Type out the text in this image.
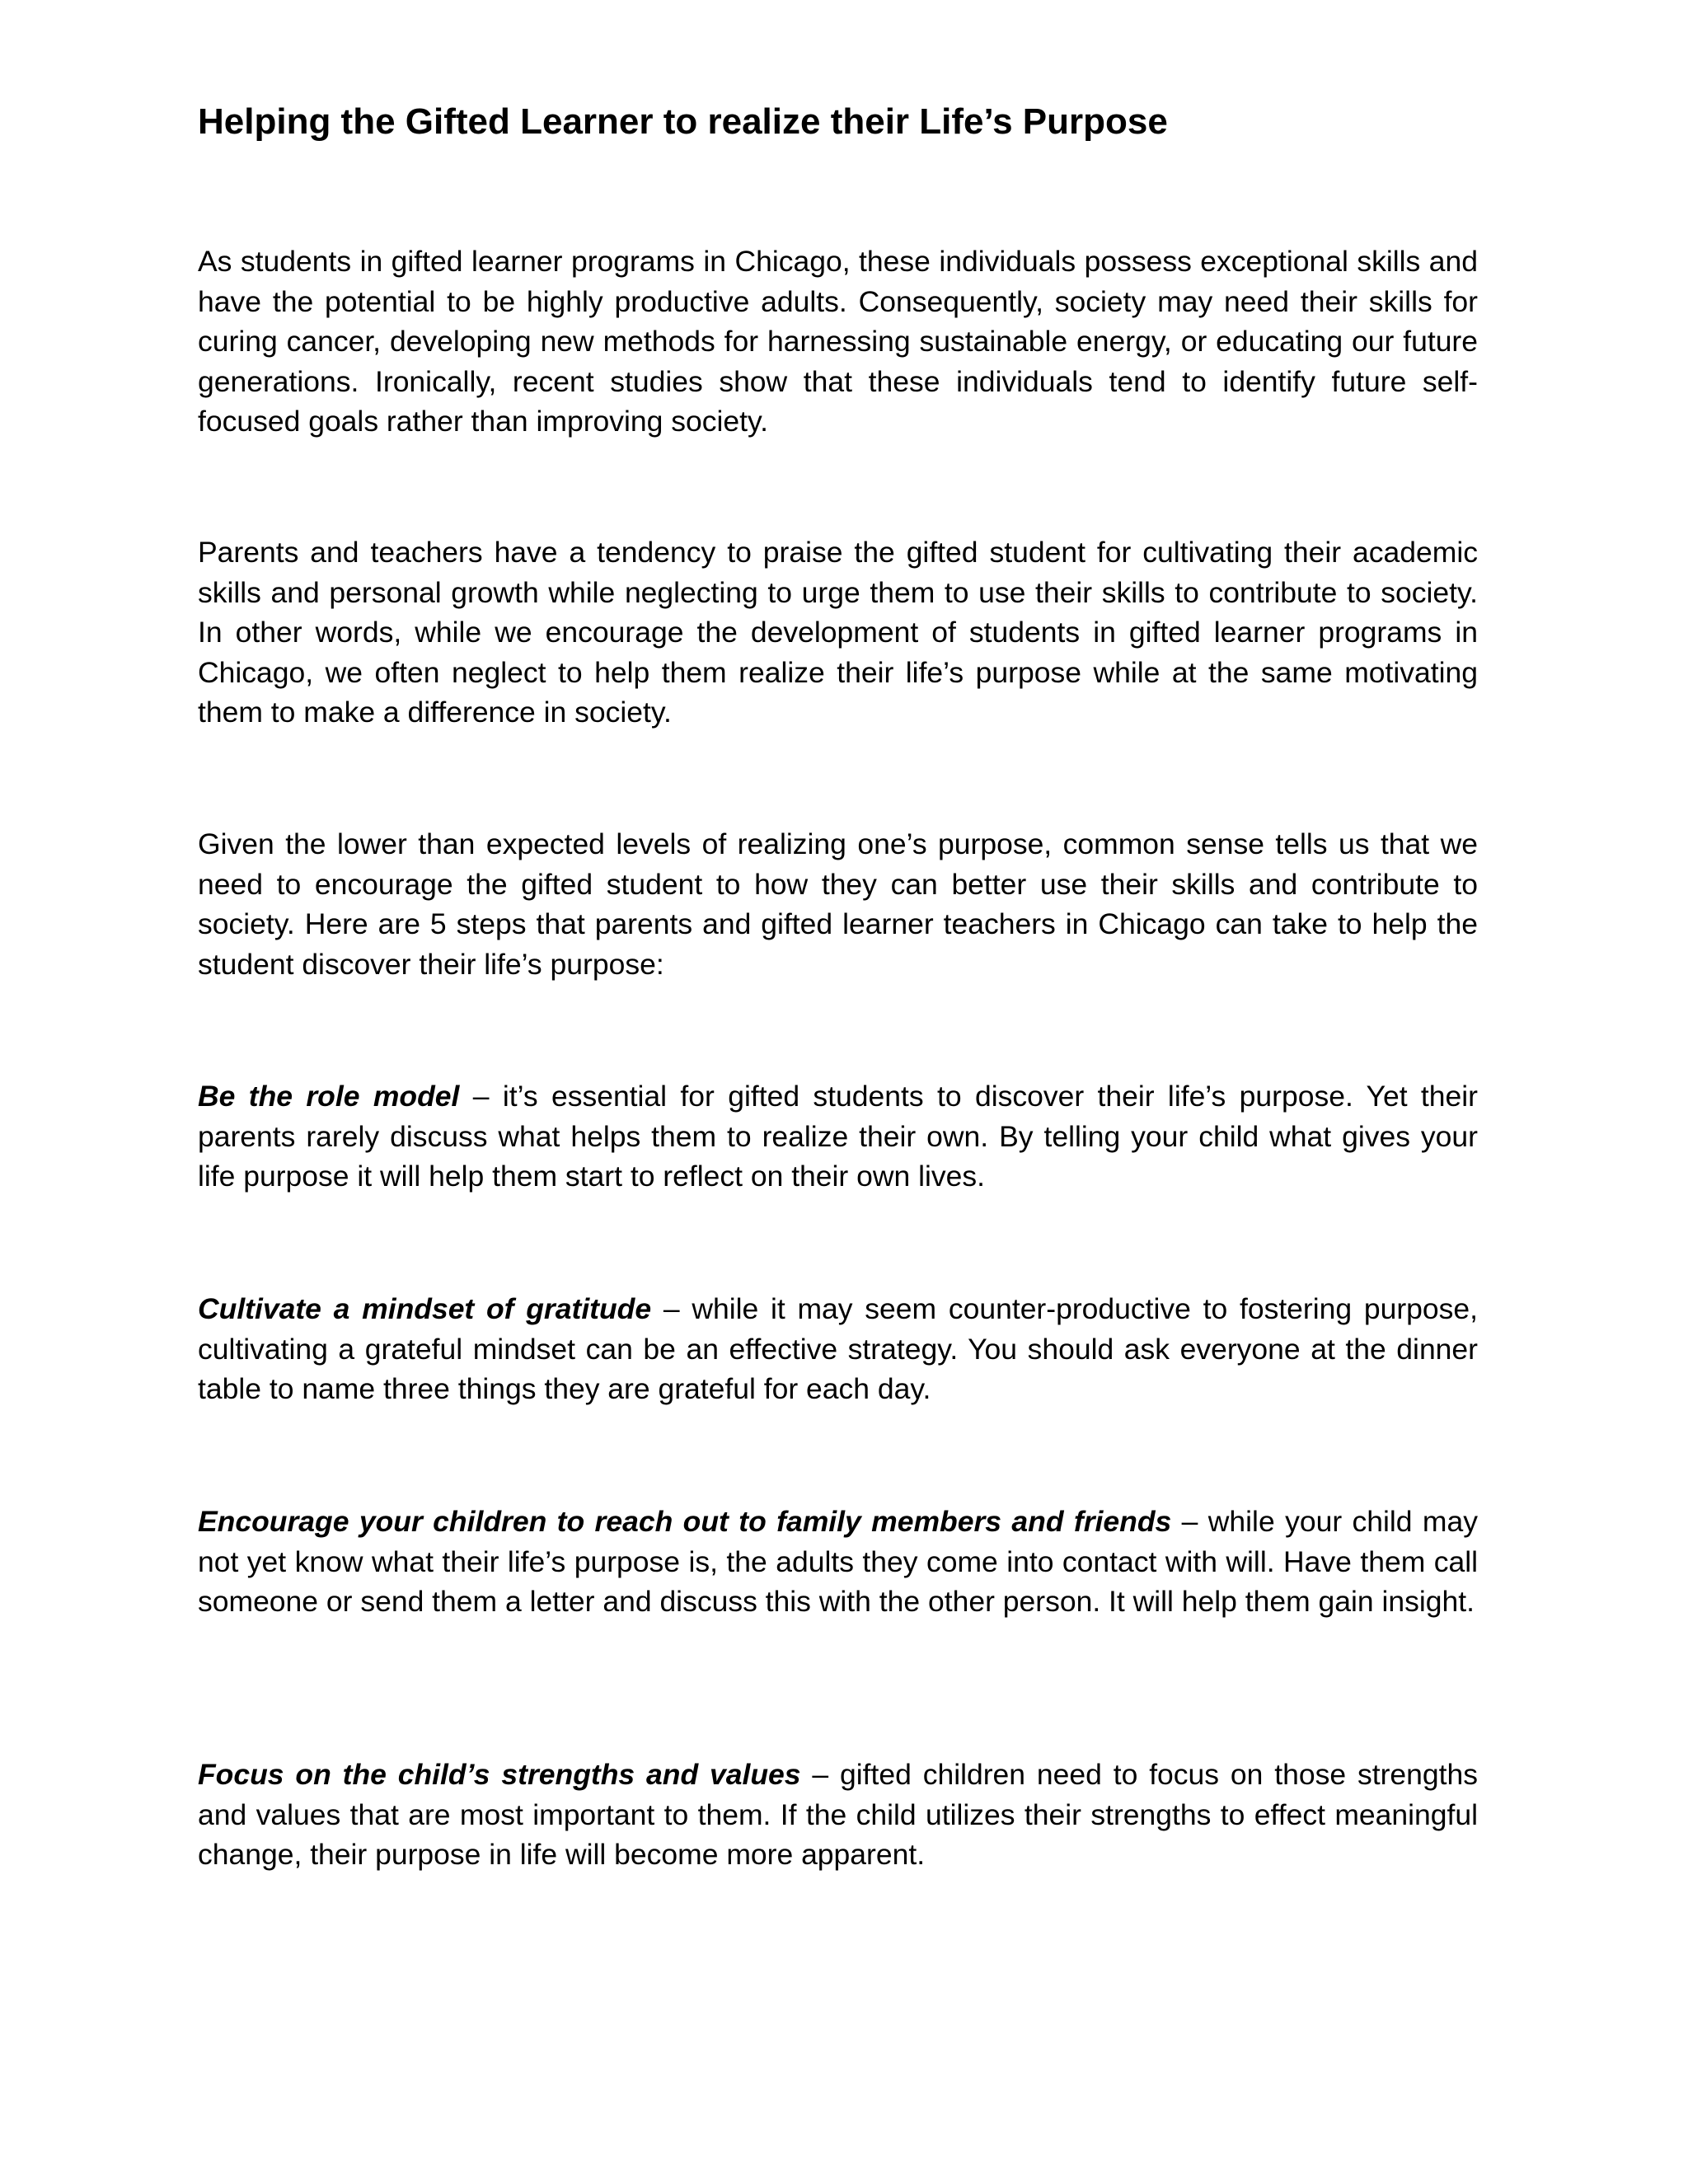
Helping the Gifted Learner to realize their Life’s Purpose

As students in gifted learner programs in Chicago, these individuals possess exceptional skills and have the potential to be highly productive adults. Consequently, society may need their skills for curing cancer, developing new methods for harnessing sustainable energy, or educating our future generations. Ironically, recent studies show that these individuals tend to identify future self-focused goals rather than improving society.

Parents and teachers have a tendency to praise the gifted student for cultivating their academic skills and personal growth while neglecting to urge them to use their skills to contribute to society. In other words, while we encourage the development of students in gifted learner programs in Chicago, we often neglect to help them realize their life’s purpose while at the same motivating them to make a difference in society.

Given the lower than expected levels of realizing one’s purpose, common sense tells us that we need to encourage the gifted student to how they can better use their skills and contribute to society. Here are 5 steps that parents and gifted learner teachers in Chicago can take to help the student discover their life’s purpose:

Be the role model – it’s essential for gifted students to discover their life’s purpose. Yet their parents rarely discuss what helps them to realize their own. By telling your child what gives your life purpose it will help them start to reflect on their own lives.

Cultivate a mindset of gratitude – while it may seem counter-productive to fostering purpose, cultivating a grateful mindset can be an effective strategy. You should ask everyone at the dinner table to name three things they are grateful for each day.

Encourage your children to reach out to family members and friends – while your child may not yet know what their life’s purpose is, the adults they come into contact with will. Have them call someone or send them a letter and discuss this with the other person. It will help them gain insight.

Focus on the child’s strengths and values – gifted children need to focus on those strengths and values that are most important to them. If the child utilizes their strengths to effect meaningful change, their purpose in life will become more apparent.
